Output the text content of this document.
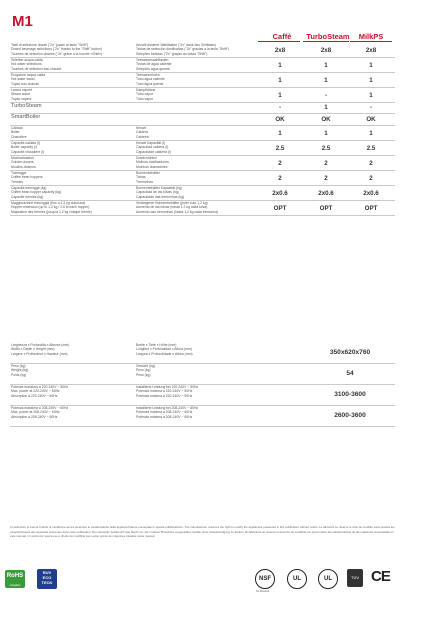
M1
Caffè	TurboSteam	MilkPS
Tasti di selezione dosati ("2x" grazie al tasto "Shift")
Dosed beverage selections ("2x" thanks to the "Shift" button)
Touches de sélection dosées ("2x" grâce à la touche «Shift»)
Anzahl dosierte Wahltasten ("2x" dank des Shifttasts)
Teclas de selección dosificadas ("2x" gracias a la tecla "Shift")
Seleções bebidas ("2x" graças ao botao "Shift")	2x8	2x8	2x8
Selettori acqua calda
Hot water selections
Touches de sélection eau chaude
Teewasserwahltasten
Teclas de agua caliente
Seleções água quente	1	1	1
Erogatore acqua calda
Hot water wand
Tuyau eau chaude
Teewasserhahn
Tubo agua caliente
Tubo água quente	1	1	1
Lancia vapore
Steam wand
Tuyau vapeur
Dampfhähne
Tubo vapor
Tubo vapor	1	-	1
TurboSteam	-	1	-
SmartBoiler	OK	OK	OK
Caldaia
Boiler
Chaudière
Kessel
Caldera
Caldeira	1	1	1
Capacità caldaia (l)
Boiler capacity (l)
Capacité chaudière (l)
Kessel Kapazität (l)
Capacidad caldera (l)
Capacidade caldeira (l)	2.5	2.5	2.5
Macinadosatori
Grinder-dosers
Moulins-doseurs
Dosiermühlen
Molinos-dosificadores
Moinhos doseadores	2	2	2
Tramogge
Coffee bean hoppers
Trémies
Bohnenbehälter
Tolvas
Tremonhas	2	2	2
Capacità tramogge (kg)
Coffee bean hopper capacity (kg)
Capacité trémies (kg)
Bohnenbehälter Kapazität (kg)
Capacidad de las tolvas (kg)
Capacidade das tremonhas (kg)	2x0.6	2x0.6	2x0.6
Maggiorazione tramoggia (fino a 1,2 kg ciascuna)
Hopper extension (up to 1.2 kg / 2.6 lb each hopper)
Majoration des trémies (jusqu'à 1,2 kg chaque trémie)
Verlängerter Bohnenbehälter (jeder zum 1,2 kg)
Aumento de las tolvas (hasta 1,2 kg cada tolva)
Aumento das tremonhas (hasta 1,2 kg cada tremonha)	OPT	OPT	OPT
Larghezza x Profondità x Altezza (mm)
Width x Depth x Height (mm)
Largeur x Profondeur x Hauteur (mm)
Breite x Tiefe x Höhe (mm)
Longitud x Profundidad x Altura (mm)
Largura x Profundidade x Altura (mm)	350x620x760
Peso (kg)
Weight (kg)
Poids (kg)
Gewicht (kg)
Peso (kg)
Peso (kg)	54
Potenza massima a 220-240V ~ 50Hz
Max. power at 220-240V ~ 50Hz
Absorption à 220-240V ~ 50Hz
Installierte Leistung bei 220-240V ~ 50Hz
Potencia máxima a 220-240V ~ 50Hz
Potência máxima a 220-240V ~ 50Hz	3100-3600
Potenza massima a 208-240V ~ 60Hz
Max. power at 208-240V ~ 60Hz
Absorption à 208-240V ~ 60Hz
Installierte Leistung bei 208-240V ~ 60Hz
Potencia máxima a 208-240V ~ 60Hz
Potência máxima a 208-240V ~ 60Hz	2600-3600
Il costruttore si riserva il diritto di modificare senza preavviso le caratteristiche delle apparecchiature presentate in questa pubblicazione. The manufacturer reserves the right to modify the appliances presented in this publication without notice. Le fabricant se réserve le droit de modifier sans préavis les caractéristiques des appareils présentés dans cette publication. Der Hersteller behält sich das Recht vor, die in dieser Broschüre vorgestellten Geräte ohne Vorankündigung zu ändern. El fabricante se reserva el derecho de modificar sin previo aviso las características de las máquinas presentadas en este manual. O construtor reserva-se o direito de modificar sem aviso prévio as máquinas tratadas neste manual.
RoHS
compliant
RUV
ECO
TECK
NSF
On-Demand
UL	UL	TÜV CE
